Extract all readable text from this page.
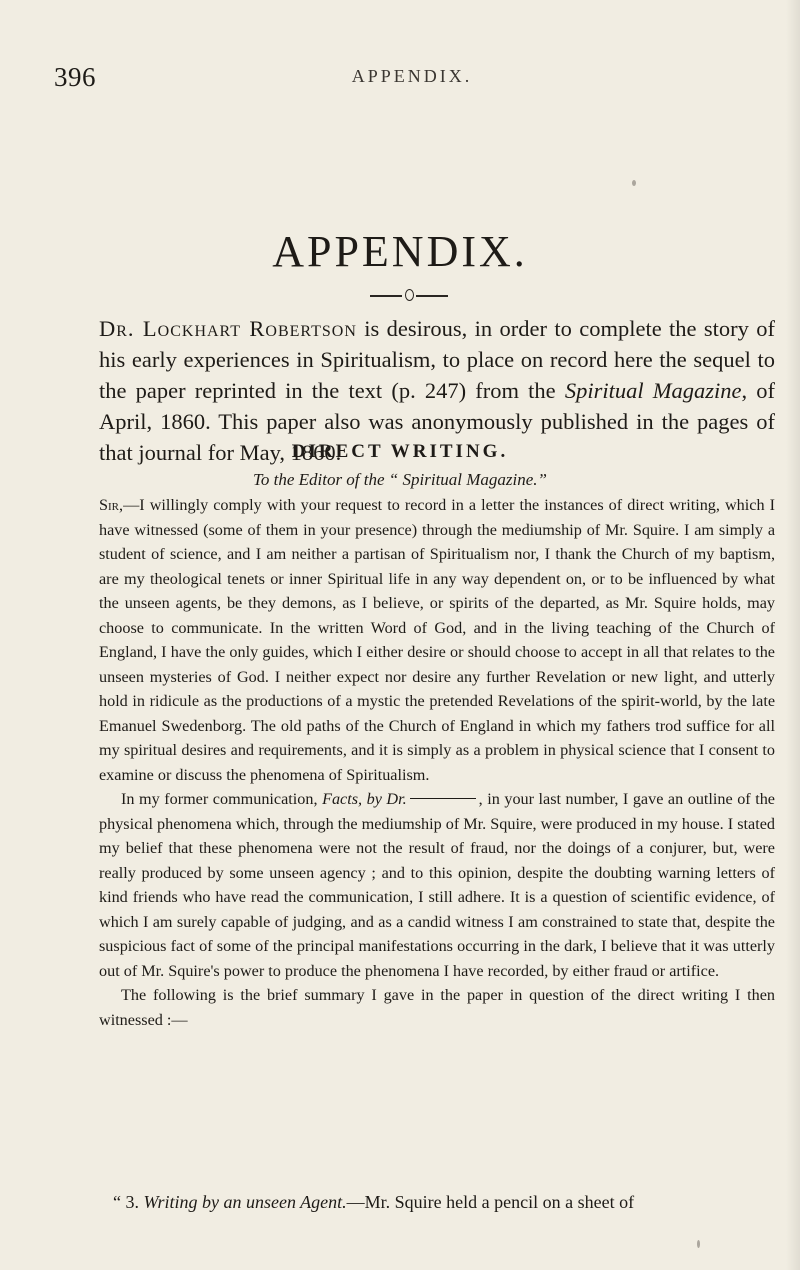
396	APPENDIX.
APPENDIX.

Dr. Lockhart Robertson is desirous, in order to complete the story of his early experiences in Spiritualism, to place on record here the sequel to the paper reprinted in the text (p. 247) from the Spiritual Magazine, of April, 1860. This paper also was anonymously published in the pages of that journal for May, 1860.

DIRECT WRITING.

To the Editor of the “ Spiritual Magazine.”

Sir,—I willingly comply with your request to record in a letter the instances of direct writing, which I have witnessed (some of them in your presence) through the mediumship of Mr. Squire. I am simply a student of science, and I am neither a partisan of Spiritualism nor, I thank the Church of my baptism, are my theological tenets or inner Spiritual life in any way dependent on, or to be influenced by what the unseen agents, be they demons, as I believe, or spirits of the departed, as Mr. Squire holds, may choose to communicate. In the written Word of God, and in the living teaching of the Church of England, I have the only guides, which I either desire or should choose to accept in all that relates to the unseen mysteries of God. I neither expect nor desire any further Revelation or new light, and utterly hold in ridicule as the productions of a mystic the pretended Revelations of the spirit-world, by the late Emanuel Swedenborg. The old paths of the Church of England in which my fathers trod suffice for all my spiritual desires and requirements, and it is simply as a problem in physical science that I consent to examine or discuss the phenomena of Spiritualism.

In my former communication, Facts, by Dr.	, in your last number, I gave an outline of the physical phenomena which, through the mediumship of Mr. Squire, were produced in my house. I stated my belief that these phenomena were not the result of fraud, nor the doings of a conjurer, but, were really produced by some unseen agency ; and to this opinion, despite the doubting warning letters of kind friends who have read the communication, I still adhere. It is a question of scientific evidence, of which I am surely capable of judging, and as a candid witness I am constrained to state that, despite the suspicious fact of some of the principal manifestations occurring in the dark, I believe that it was utterly out of Mr. Squire's power to produce the phenomena I have recorded, by either fraud or artifice.

The following is the brief summary I gave in the paper in question of the direct writing I then witnessed :—

“ 3. Writing by an unseen Agent.—Mr. Squire held a pencil on a sheet of
